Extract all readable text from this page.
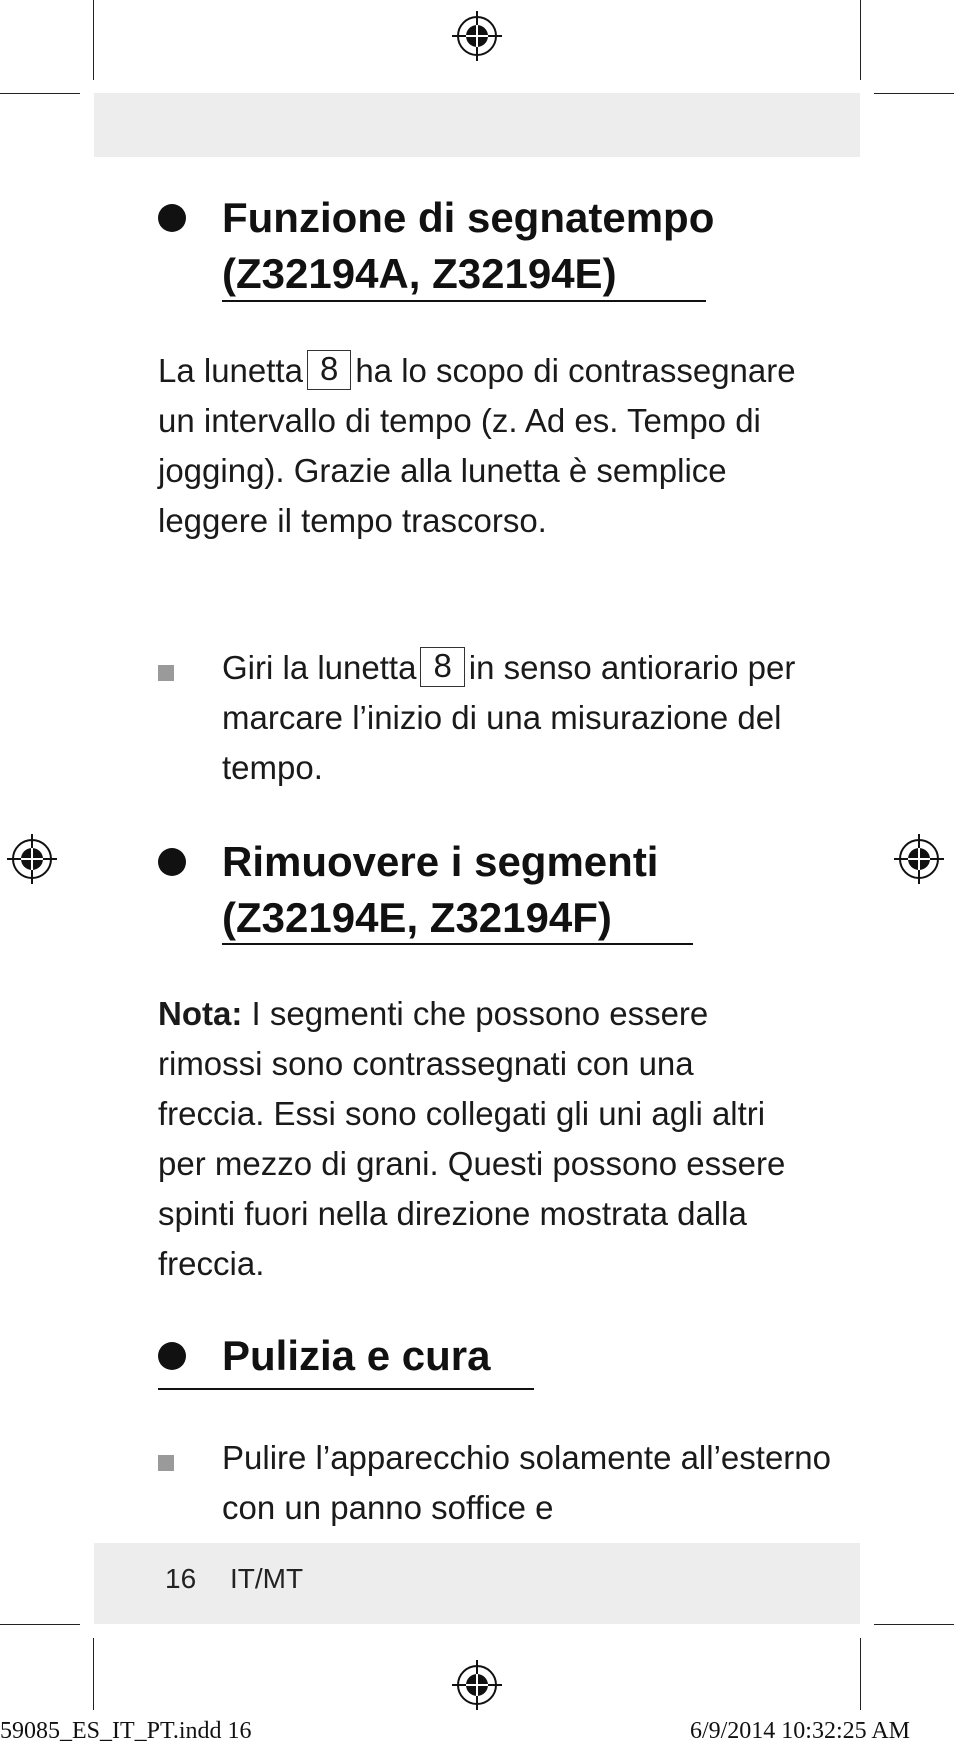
Funzione di segnatempo
(Z32194A, Z32194E)
La lunetta 8 ha lo scopo di contrassegnare un intervallo di tempo (z. Ad es. Tempo di jogging). Grazie alla lunetta è semplice leggere il tempo trascorso.
Giri la lunetta 8 in senso antiorario per marcare l’inizio di una misurazione del tempo.
Rimuovere i segmenti
(Z32194E, Z32194F)
Nota: I segmenti che possono essere rimossi sono contrassegnati con una freccia. Essi sono collegati gli uni agli altri per mezzo di grani. Questi possono essere spinti fuori nella direzione mostrata dalla freccia.
Pulizia e cura
Pulire l’apparecchio solamente all’esterno con un panno soffice e
16 IT/MT
59085_ES_IT_PT.indd 16	6/9/2014 10:32:25 AM
